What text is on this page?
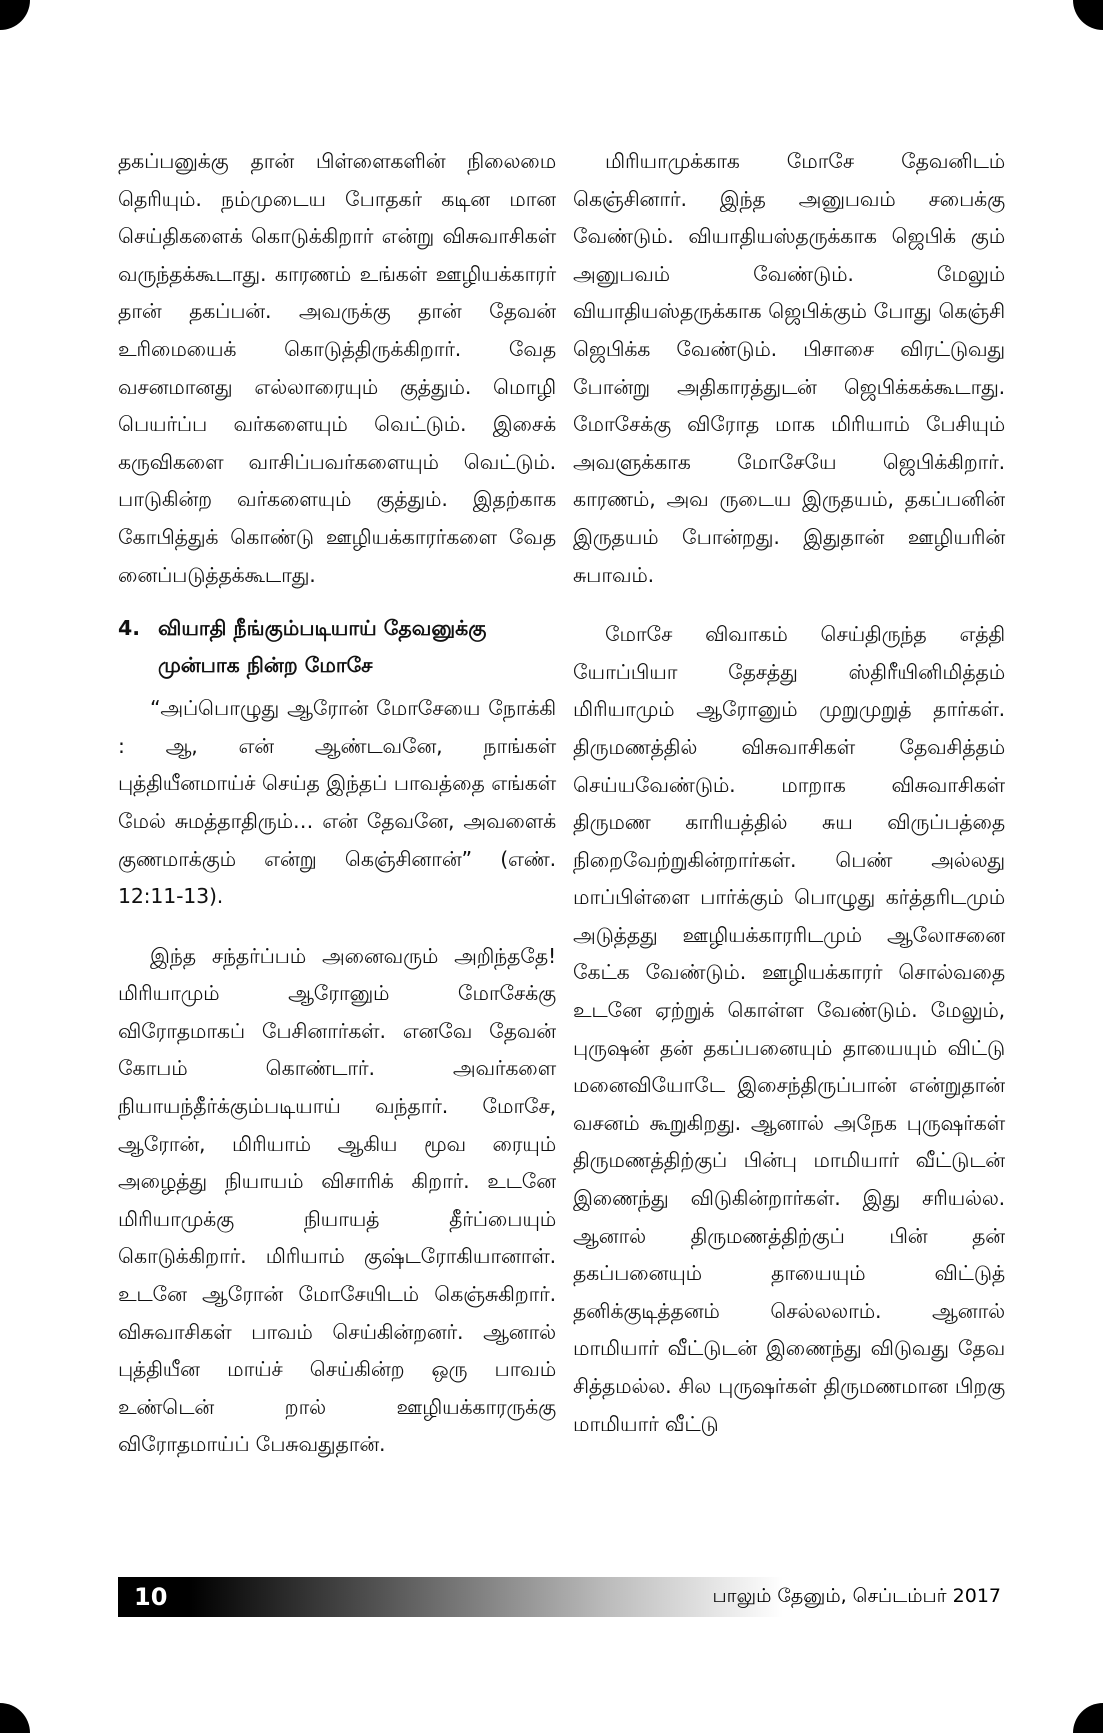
தகப்பனுக்கு தான் பிள்ளைகளின் நிலைமை தெரியும். நம்முடைய போதகர் கடின மான செய்திகளைக் கொடுக்கிறார் என்று விசுவாசிகள் வருந்தக்கூடாது. காரணம் உங்கள் ஊழியக்காரர் தான் தகப்பன். அவருக்கு தான் தேவன் உரிமையைக் கொடுத்திருக்கிறார். வேத வசனமானது எல்லாரையும் குத்தும். மொழி பெயர்ப்ப வர்களையும் வெட்டும். இசைக் கருவிகளை வாசிப்பவர்களையும் வெட்டும். பாடுகின்ற வர்களையும் குத்தும். இதற்காக கோபித்துக் கொண்டு ஊழியக்காரர்களை வேத னைப்படுத்தக்கூடாது.

4. வியாதி நீங்கும்படியாய் தேவனுக்கு முன்பாக நின்ற மோசே

“அப்பொழுது ஆரோன் மோசேயை நோக்கி : ஆ, என் ஆண்டவனே, நாங்கள் புத்தியீனமாய்ச் செய்த இந்தப் பாவத்தை எங்கள் மேல் சுமத்தாதிரும்… என் தேவனே, அவளைக் குணமாக்கும் என்று கெஞ்சினான்” (எண். 12:11-13).

இந்த சந்தர்ப்பம் அனைவரும் அறிந்ததே! மிரியாமும் ஆரோனும் மோசேக்கு விரோதமாகப் பேசினார்கள். எனவே தேவன் கோபம் கொண்டார். அவர்களை நியாயந்தீர்க்கும்படியாய் வந்தார். மோசே, ஆரோன், மிரியாம் ஆகிய மூவ ரையும் அழைத்து நியாயம் விசாரிக் கிறார். உடனே மிரியாமுக்கு நியாயத் தீர்ப்பையும் கொடுக்கிறார். மிரியாம் குஷ்டரோகியானாள். உடனே ஆரோன் மோசேயிடம் கெஞ்சுகிறார். விசுவாசிகள் பாவம் செய்கின்றனர். ஆனால் புத்தியீன மாய்ச் செய்கின்ற ஒரு பாவம் உண்டென் றால் ஊழியக்காரருக்கு விரோதமாய்ப் பேசுவதுதான்.

மிரியாமுக்காக மோசே தேவனிடம் கெஞ்சினார். இந்த அனுபவம் சபைக்கு வேண்டும். வியாதியஸ்தருக்காக ஜெபிக் கும் அனுபவம் வேண்டும். மேலும் வியாதியஸ்தருக்காக ஜெபிக்கும் போது கெஞ்சி ஜெபிக்க வேண்டும். பிசாசை விரட்டுவது போன்று அதிகாரத்துடன் ஜெபிக்கக்கூடாது. மோசேக்கு விரோத மாக மிரியாம் பேசியும் அவளுக்காக மோசேயே ஜெபிக்கிறார். காரணம், அவ ருடைய இருதயம், தகப்பனின் இருதயம் போன்றது. இதுதான் ஊழியரின் சுபாவம்.

மோசே விவாகம் செய்திருந்த எத்தி யோப்பியா தேசத்து ஸ்திரீயினிமித்தம் மிரியாமும் ஆரோனும் முறுமுறுத் தார்கள். திருமணத்தில் விசுவாசிகள் தேவசித்தம் செய்யவேண்டும். மாறாக விசுவாசிகள் திருமண காரியத்தில் சுய விருப்பத்தை நிறைவேற்றுகின்றார்கள். பெண் அல்லது மாப்பிள்ளை பார்க்கும் பொழுது கர்த்தரிடமும் அடுத்தது ஊழியக்காரரிடமும் ஆலோசனை கேட்க வேண்டும். ஊழியக்காரர் சொல்வதை உடனே ஏற்றுக் கொள்ள வேண்டும். மேலும், புருஷன் தன் தகப்பனையும் தாயையும் விட்டு மனைவியோடே இசைந்திருப்பான் என்றுதான் வசனம் கூறுகிறது. ஆனால் அநேக புருஷர்கள் திருமணத்திற்குப் பின்பு மாமியார் வீட்டுடன் இணைந்து விடுகின்றார்கள். இது சரியல்ல. ஆனால் திருமணத்திற்குப் பின் தன் தகப்பனையும் தாயையும் விட்டுத் தனிக்குடித்தனம் செல்லலாம். ஆனால் மாமியார் வீட்டுடன் இணைந்து விடுவது தேவ சித்தமல்ல. சில புருஷர்கள் திருமணமான பிறகு மாமியார் வீட்டு

10	பாலும் தேனும், செப்டம்பர் 2017
